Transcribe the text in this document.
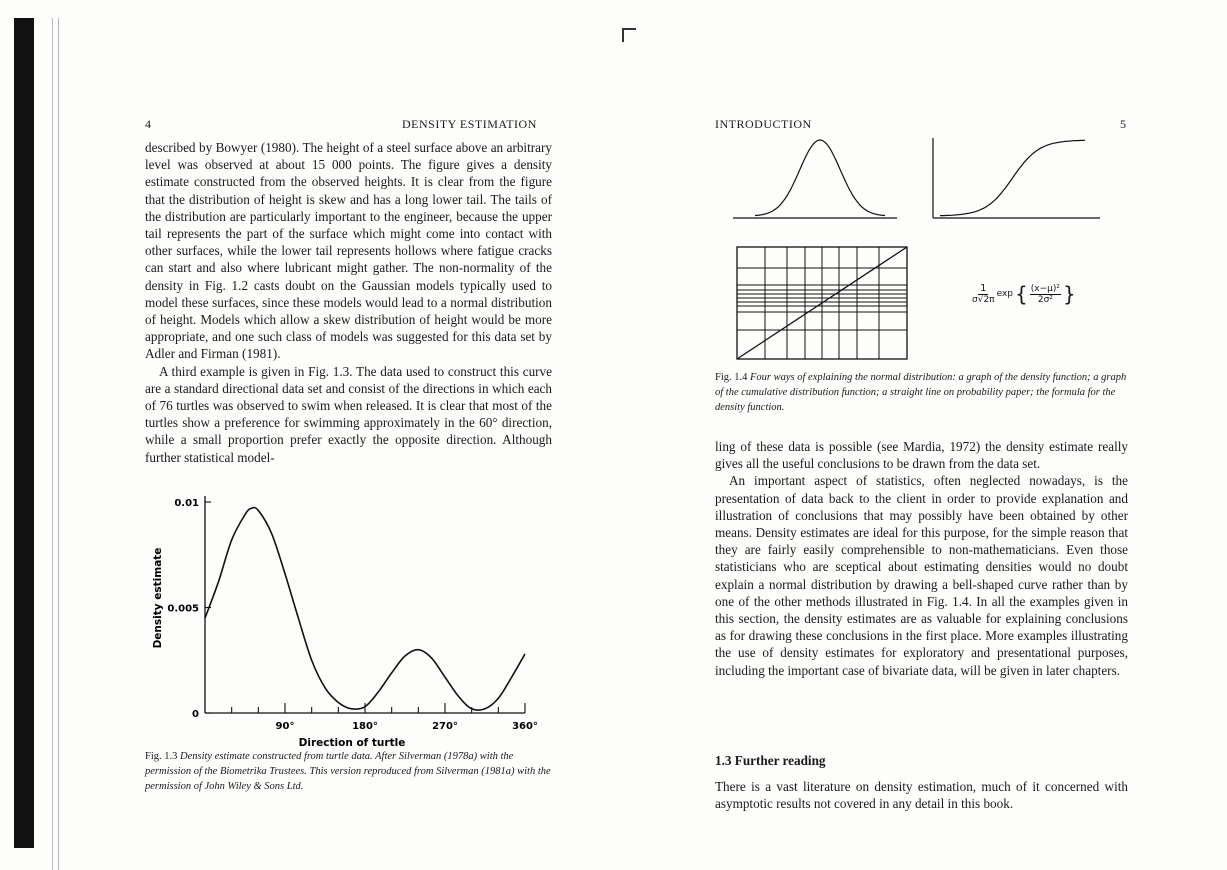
4	DENSITY ESTIMATION

described by Bowyer (1980). The height of a steel surface above an arbitrary level was observed at about 15 000 points. The figure gives a density estimate constructed from the observed heights. It is clear from the figure that the distribution of height is skew and has a long lower tail. The tails of the distribution are particularly important to the engineer, because the upper tail represents the part of the surface which might come into contact with other surfaces, while the lower tail represents hollows where fatigue cracks can start and also where lubricant might gather. The non-normality of the density in Fig. 1.2 casts doubt on the Gaussian models typically used to model these surfaces, since these models would lead to a normal distribution of height. Models which allow a skew distribution of height would be more appropriate, and one such class of models was suggested for this data set by Adler and Firman (1981).

A third example is given in Fig. 1.3. The data used to construct this curve are a standard directional data set and consist of the directions in which each of 76 turtles was observed to swim when released. It is clear that most of the turtles show a preference for swimming approximately in the 60° direction, while a small proportion prefer exactly the opposite direction. Although further statistical model-

0
0.005
0.01
90°	180°	270°	360°
Direction of turtle
Density estimate
Fig. 1.3 Density estimate constructed from turtle data. After Silverman (1978a) with the permission of the Biometrika Trustees. This version reproduced from Silverman (1981a) with the permission of John Wiley & Sons Ltd.
INTRODUCTION	5
$\frac{1}{\sigma√2\pi}$ exp { $\frac{\text{(x−μ)²}}{\text{2σ²}}$ }
Fig. 1.4 Four ways of explaining the normal distribution: a graph of the density function; a graph of the cumulative distribution function; a straight line on probability paper; the formula for the density function.

ling of these data is possible (see Mardia, 1972) the density estimate really gives all the useful conclusions to be drawn from the data set.

An important aspect of statistics, often neglected nowadays, is the presentation of data back to the client in order to provide explanation and illustration of conclusions that may possibly have been obtained by other means. Density estimates are ideal for this purpose, for the simple reason that they are fairly easily comprehensible to non-mathematicians. Even those statisticians who are sceptical about estimating densities would no doubt explain a normal distribution by drawing a bell-shaped curve rather than by one of the other methods illustrated in Fig. 1.4. In all the examples given in this section, the density estimates are as valuable for explaining conclusions as for drawing these conclusions in the first place. More examples illustrating the use of density estimates for exploratory and presentational purposes, including the important case of bivariate data, will be given in later chapters.

1.3 Further reading

There is a vast literature on density estimation, much of it concerned with asymptotic results not covered in any detail in this book.
